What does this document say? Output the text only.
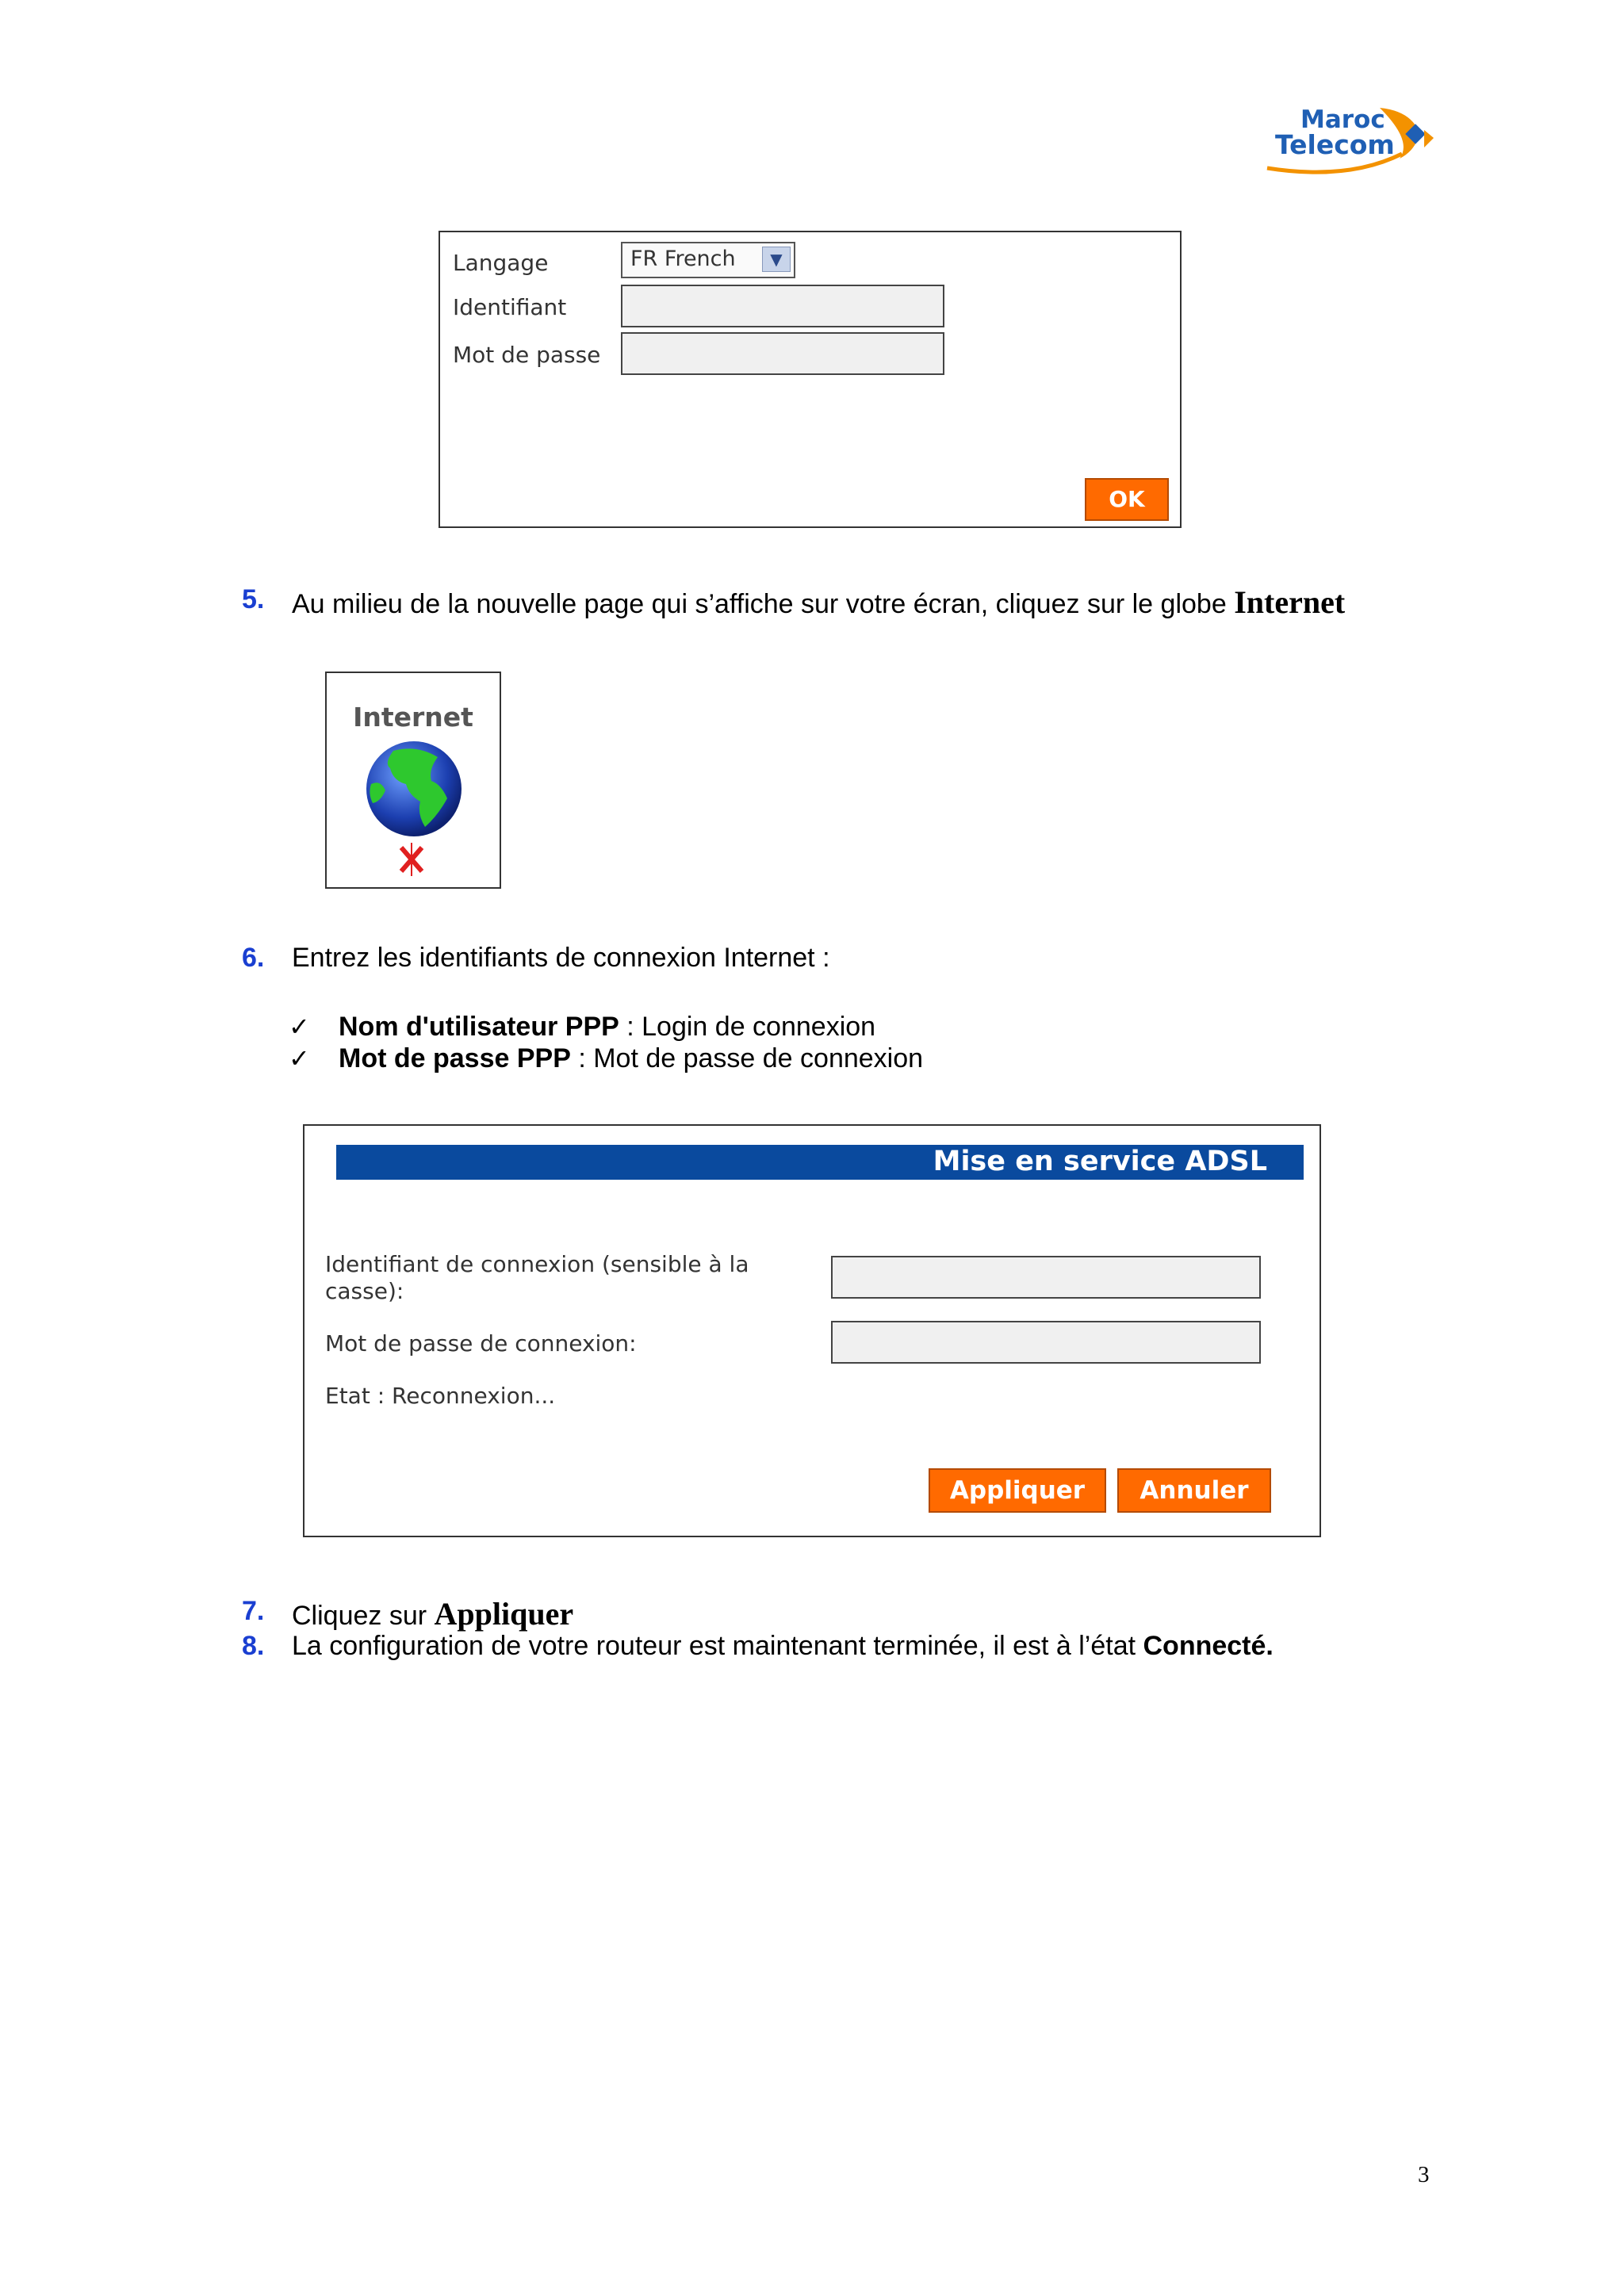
Maroc
Telecom
Langage	FR French	▼
Identifiant
Mot de passe
OK
5. Au milieu de la nouvelle page qui s’affiche sur votre écran, cliquez sur le globe Internet
Internet
6. Entrez les identifiants de connexion Internet :
✓ Nom d'utilisateur PPP : Login de connexion
✓ Mot de passe PPP : Mot de passe de connexion
Mise en service ADSL
Identifiant de connexion (sensible à la
casse):
Mot de passe de connexion:
Etat : Reconnexion...
Appliquer	Annuler
7. Cliquez sur Appliquer
8. La configuration de votre routeur est maintenant terminée, il est à l’état Connecté.
3
